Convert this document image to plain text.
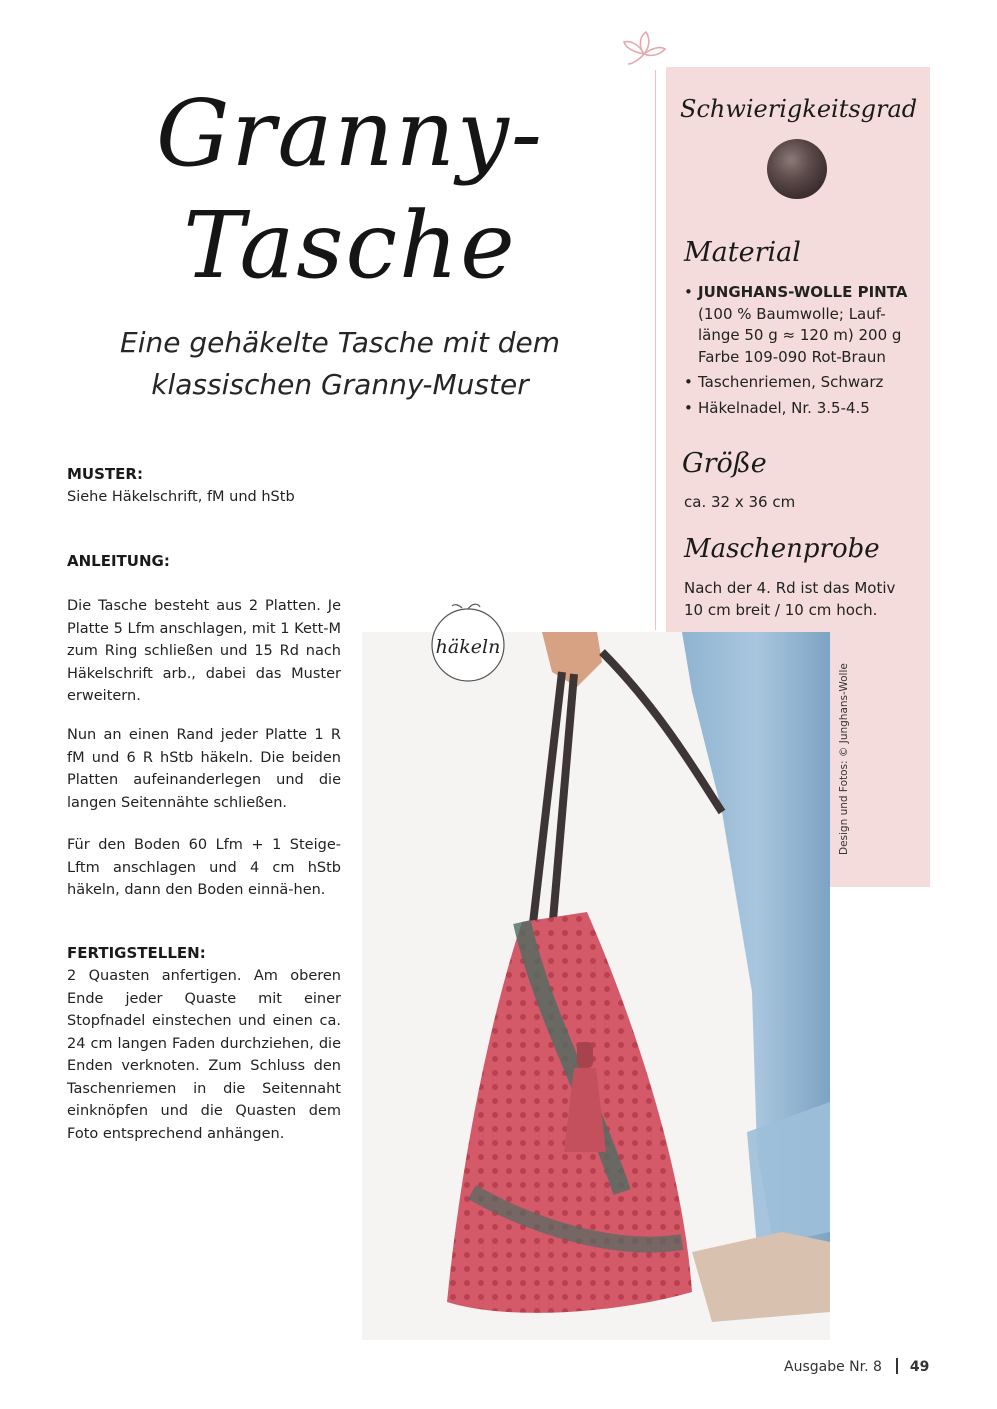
Granny-
Tasche
Eine gehäkelte Tasche mit dem
klassischen Granny-Muster
MUSTER:
Siehe Häkelschrift, fM und hStb
ANLEITUNG:
Die Tasche besteht aus 2 Platten. Je Platte 5 Lfm anschlagen, mit 1 Kett-M zum Ring schließen und 15 Rd nach Häkelschrift arb., dabei das Muster erweitern.
Nun an einen Rand jeder Platte 1 R fM und 6 R hStb häkeln. Die beiden Platten aufeinanderlegen und die langen Seitennähte schließen.
Für den Boden 60 Lfm + 1 Steige-Lftm anschlagen und 4 cm hStb häkeln, dann den Boden einnä-hen.
FERTIGSTELLEN:
2 Quasten anfertigen. Am oberen Ende jeder Quaste mit einer Stopfnadel einstechen und einen ca. 24 cm langen Faden durchziehen, die Enden verknoten. Zum Schluss den Taschenriemen in die Seitennaht einknöpfen und die Quasten dem Foto entsprechend anhängen.
Schwierigkeitsgrad
Material
• JUNGHANS-WOLLE PINTA
(100 % Baumwolle; Lauf-
länge 50 g ≈ 120 m) 200 g
Farbe 109-090 Rot-Braun
• Taschenriemen, Schwarz
• Häkelnadel, Nr. 3.5-4.5
Größe
ca. 32 x 36 cm
Maschenprobe
Nach der 4. Rd ist das Motiv
10 cm breit / 10 cm hoch.
häkeln
Design und Fotos: © Junghans-Wolle
Ausgabe Nr. 8 49
